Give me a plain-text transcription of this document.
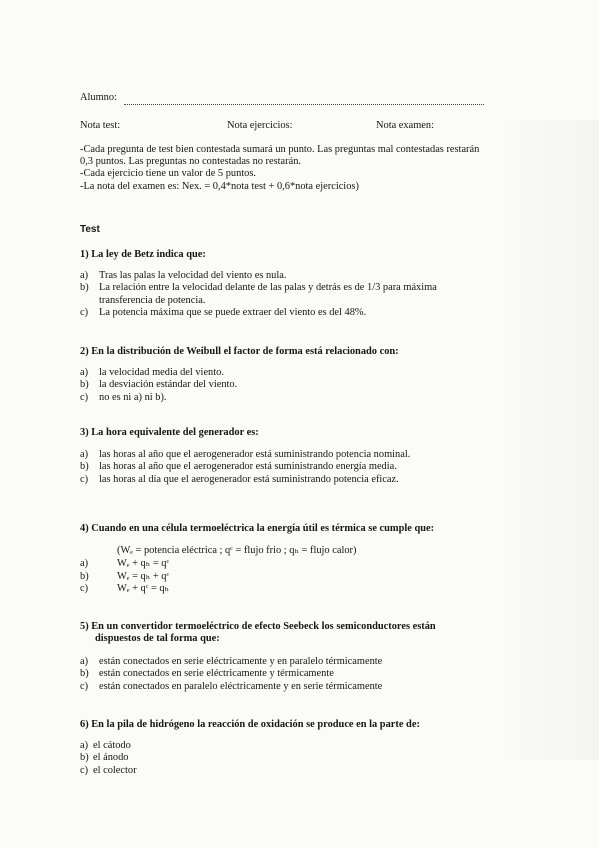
Alumno:
Nota test:	Nota ejercicios:	Nota examen:
-Cada pregunta de test bien contestada sumará un punto. Las preguntas mal contestadas restarán
0,3 puntos. Las preguntas no contestadas no restarán.
-Cada ejercicio tiene un valor de 5 puntos.
-La nota del examen es: Nex. = 0,4*nota test + 0,6*nota ejercicios)
Test
1) La ley de Betz indica que:
a)	Tras las palas la velocidad del viento es nula.
b) La relación entre la velocidad delante de las palas y detrás es de 1/3 para máxima
transferencia de potencia.
c)	La potencia máxima que se puede extraer del viento es del 48%.
2) En la distribución de Weibull el factor de forma está relacionado con:
a)	la velocidad media del viento.
b) la desviación estándar del viento.
c)	no es ni a) ni b).
3) La hora equivalente del generador es:
a)	las horas al año que el aerogenerador está suministrando potencia nominal.
b) las horas al año que el aerogenerador está suministrando energía media.
c)	las horas al día que el aerogenerador está suministrando potencia eficaz.
4) Cuando en una célula termoeléctrica la energía útil es térmica se cumple que:
(Wₑ = potencia eléctrica ; qᶜ = flujo frio ; qₕ = flujo calor)
a)	Wₑ + qₕ = qᶜ
b)	Wₑ = qₕ + qᶜ
c)	Wₑ + qᶜ = qₕ
5) En un convertidor termoeléctrico de efecto Seebeck los semiconductores están
dispuestos de tal forma que:
a)	están conectados en serie eléctricamente y en paralelo térmicamente
b) están conectados en serie eléctricamente y térmicamente
c)	están conectados en paralelo eléctricamente y en serie térmicamente
6) En la pila de hidrógeno la reacción de oxidación se produce en la parte de:
a) el cátodo
b) el ánodo
c) el colector
